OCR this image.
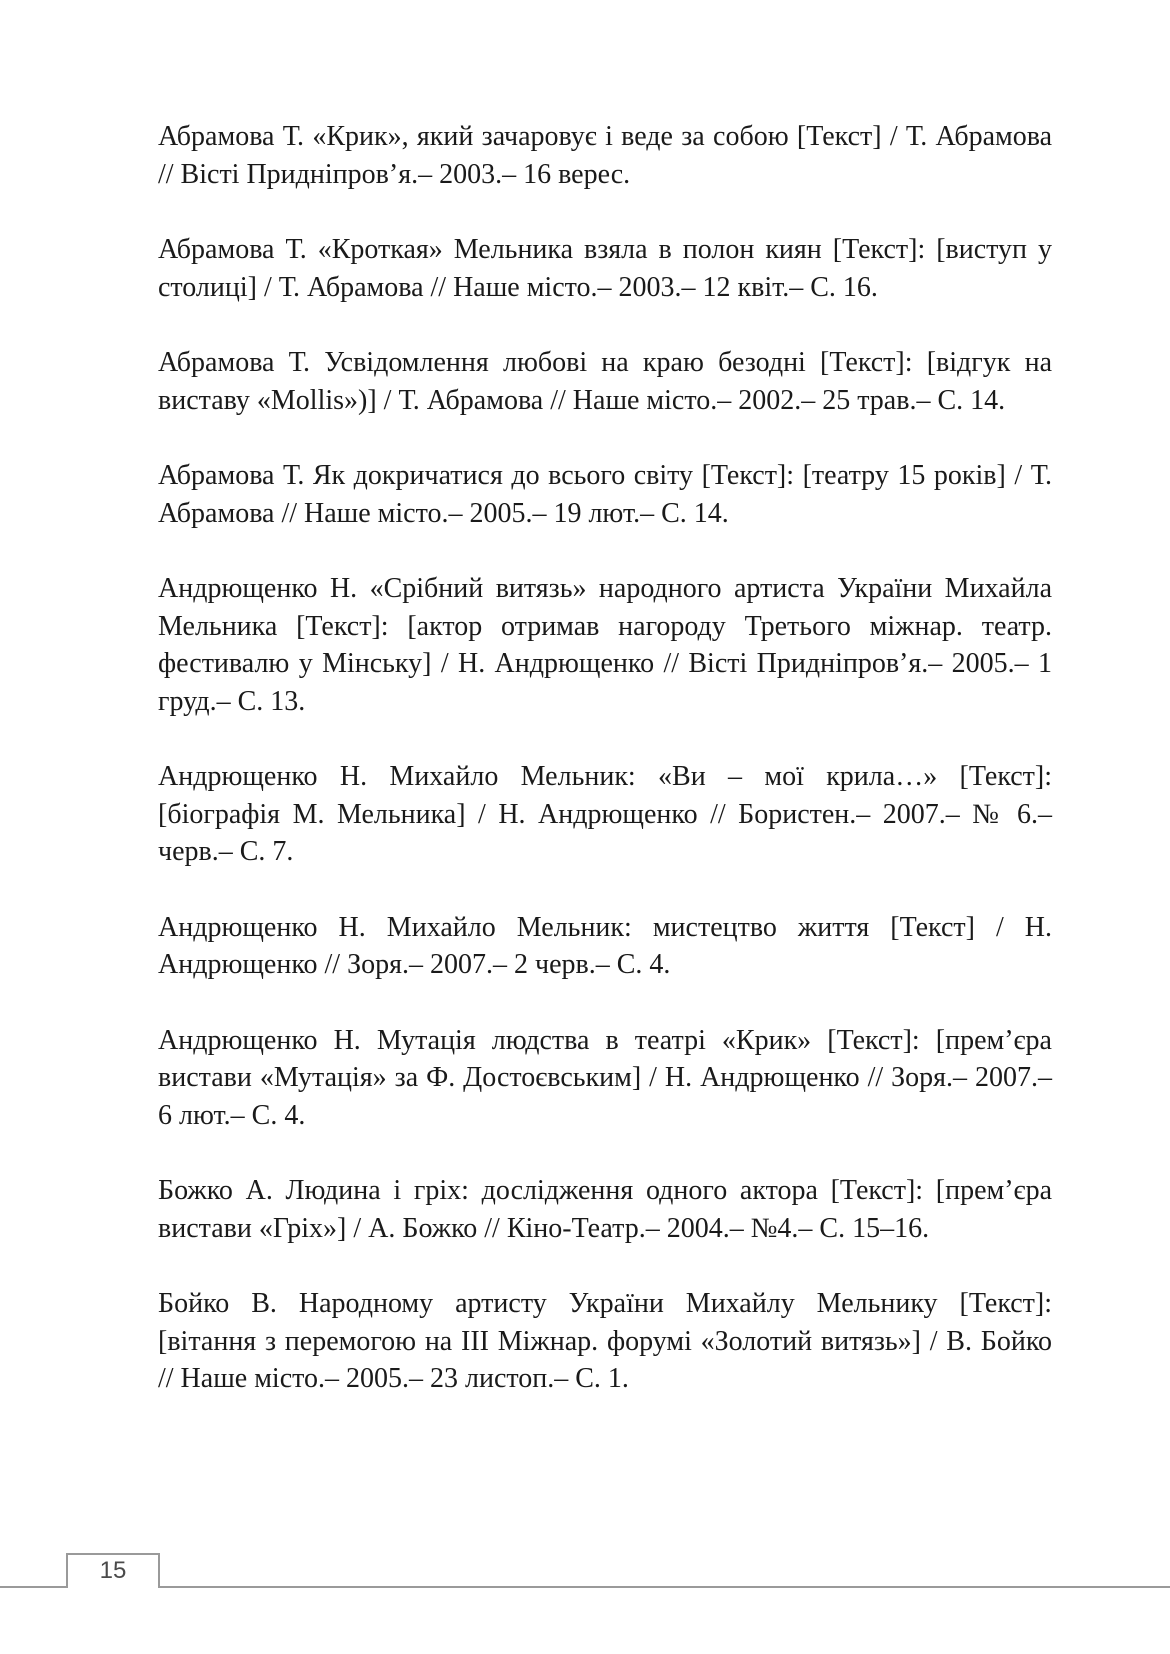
Абрамова Т. «Крик», який зачаровує і веде за собою [Текст] / Т. Абрамова // Вісті Придніпров’я.– 2003.– 16 верес.

Абрамова Т. «Кроткая» Мельника взяла в полон киян [Текст]: [виступ у столиці] / Т. Абрамова // Наше місто.– 2003.– 12 квіт.– С. 16.

Абрамова Т. Усвідомлення любові на краю безодні [Текст]: [відгук на виставу «Mollis»)] / Т. Абрамова // Наше місто.– 2002.– 25 трав.– С. 14.

Абрамова Т. Як докричатися до всього світу [Текст]: [театру 15 років] / Т. Абрамова // Наше місто.– 2005.– 19 лют.– С. 14.

Андрющенко Н. «Срібний витязь» народного артиста України Михайла Мельника [Текст]: [актор отримав нагороду Третього міжнар. театр. фестивалю у Мінську] / Н. Андрющенко // Вісті Придніпров’я.– 2005.– 1 груд.– С. 13.

Андрющенко Н. Михайло Мельник: «Ви – мої крила…» [Текст]: [біографія М. Мельника] / Н. Андрющенко // Бористен.– 2007.– № 6.– черв.– С. 7.

Андрющенко Н. Михайло Мельник: мистецтво життя [Текст] / Н. Андрющенко // Зоря.– 2007.– 2 черв.– С. 4.

Андрющенко Н. Мутація людства в театрі «Крик» [Текст]: [прем’єра вистави «Мутація» за Ф. Достоєвським] / Н. Андрющенко // Зоря.– 2007.– 6 лют.– С. 4.

Божко А. Людина і гріх: дослідження одного актора [Текст]: [прем’єра вистави «Гріх»] / А. Божко // Кіно-Театр.– 2004.– №4.– С. 15–16.

Бойко В. Народному артисту України Михайлу Мельнику [Текст]: [вітання з перемогою на III Міжнар. форумі «Золотий витязь»] / В. Бойко // Наше місто.– 2005.– 23 листоп.– С. 1.

15
